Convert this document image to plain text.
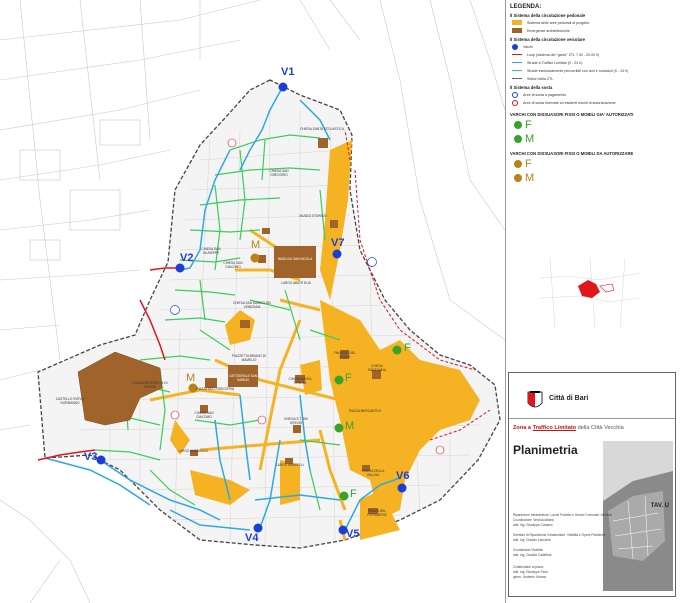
V1
V2
V3
V4	V5
V6
V7
F
F
M
F
M
M
CHIESA SANTA SCOLASTICA
CHIESA SAN GREGORIO
MUSEO STORICO
BASILICA SAN NICOLA
LARGO ABATE ELIA
CHIESA SAN MARCO DEI VENEZIANI
CHIESA SAN GIUSEPPE
CHIESA SAN GIACOMO
PIAZZETTA BRIANO DI MAMELIO
CATTEDRALE SAN SABINO
PIAZZA DELL'ODEGITRIA
CHIESA SAN GIACOMO
CHIESA SANTA TERESA
PALAZZO DEL SEDILE
PIAZZA MERCANTILE
CHIESA S.T. DEI GRECHI
CHIESA SANT'ANNA
CHIESA DELLA VALLISA
PIAZZA DEL FERRARESE
LARGO AMENDOLA
LARGO MARRELLI
PIAZZA FEDERICO II DI SVEVIA
CASTELLO SVEVO NORMANNO
LEGENDA:
Il Sistema della circolazione pedonale
Sistema delle aree pedonali di progetto
Emergenze architettoniche
Il Sistema della circolazione veicolare
Varchi
Loop (sistema dei "gancì" ZTL 7.00 - 20.00 h)
Strade a Traffico Limitato (0 - 24 h)
Strade esclusivamente percorribili con cicli e motocicli (0 - 24 h)
Settori della ZTL
Il Sistema della sosta
Aree di sosta a pagamento
Aree di sosta riservate ai residenti muniti di autorizzazione
VARCHI CON DISSUASORI FISSI O MOBILI GIA' AUTORIZZATI
F
M
VARCHI CON DISSUASORI FISSI O MOBILI DA AUTORIZZARE
F
M
Città di Bari
Zona a Traffico Limitato della Città Vecchia
Planimetria
TAV. U
Ripartizione Infrastrutture, Lavori Pubblici e Servizi Comunali: Viabilità
Coordinatore: Verdi Ausiliario
dott. ing. Giuseppe Carasso
Direttore di Ripartizione Infrastrutture, Viabilità e Opere Pubbliche
dott. ing. Claudio Laricchia
Coordinatori Viabilità:
dott. ing. Claudia Carlettina
Collaboratori al piano:
dott. ing. Giuseppe Fiore
geom. Umberto Urbano
